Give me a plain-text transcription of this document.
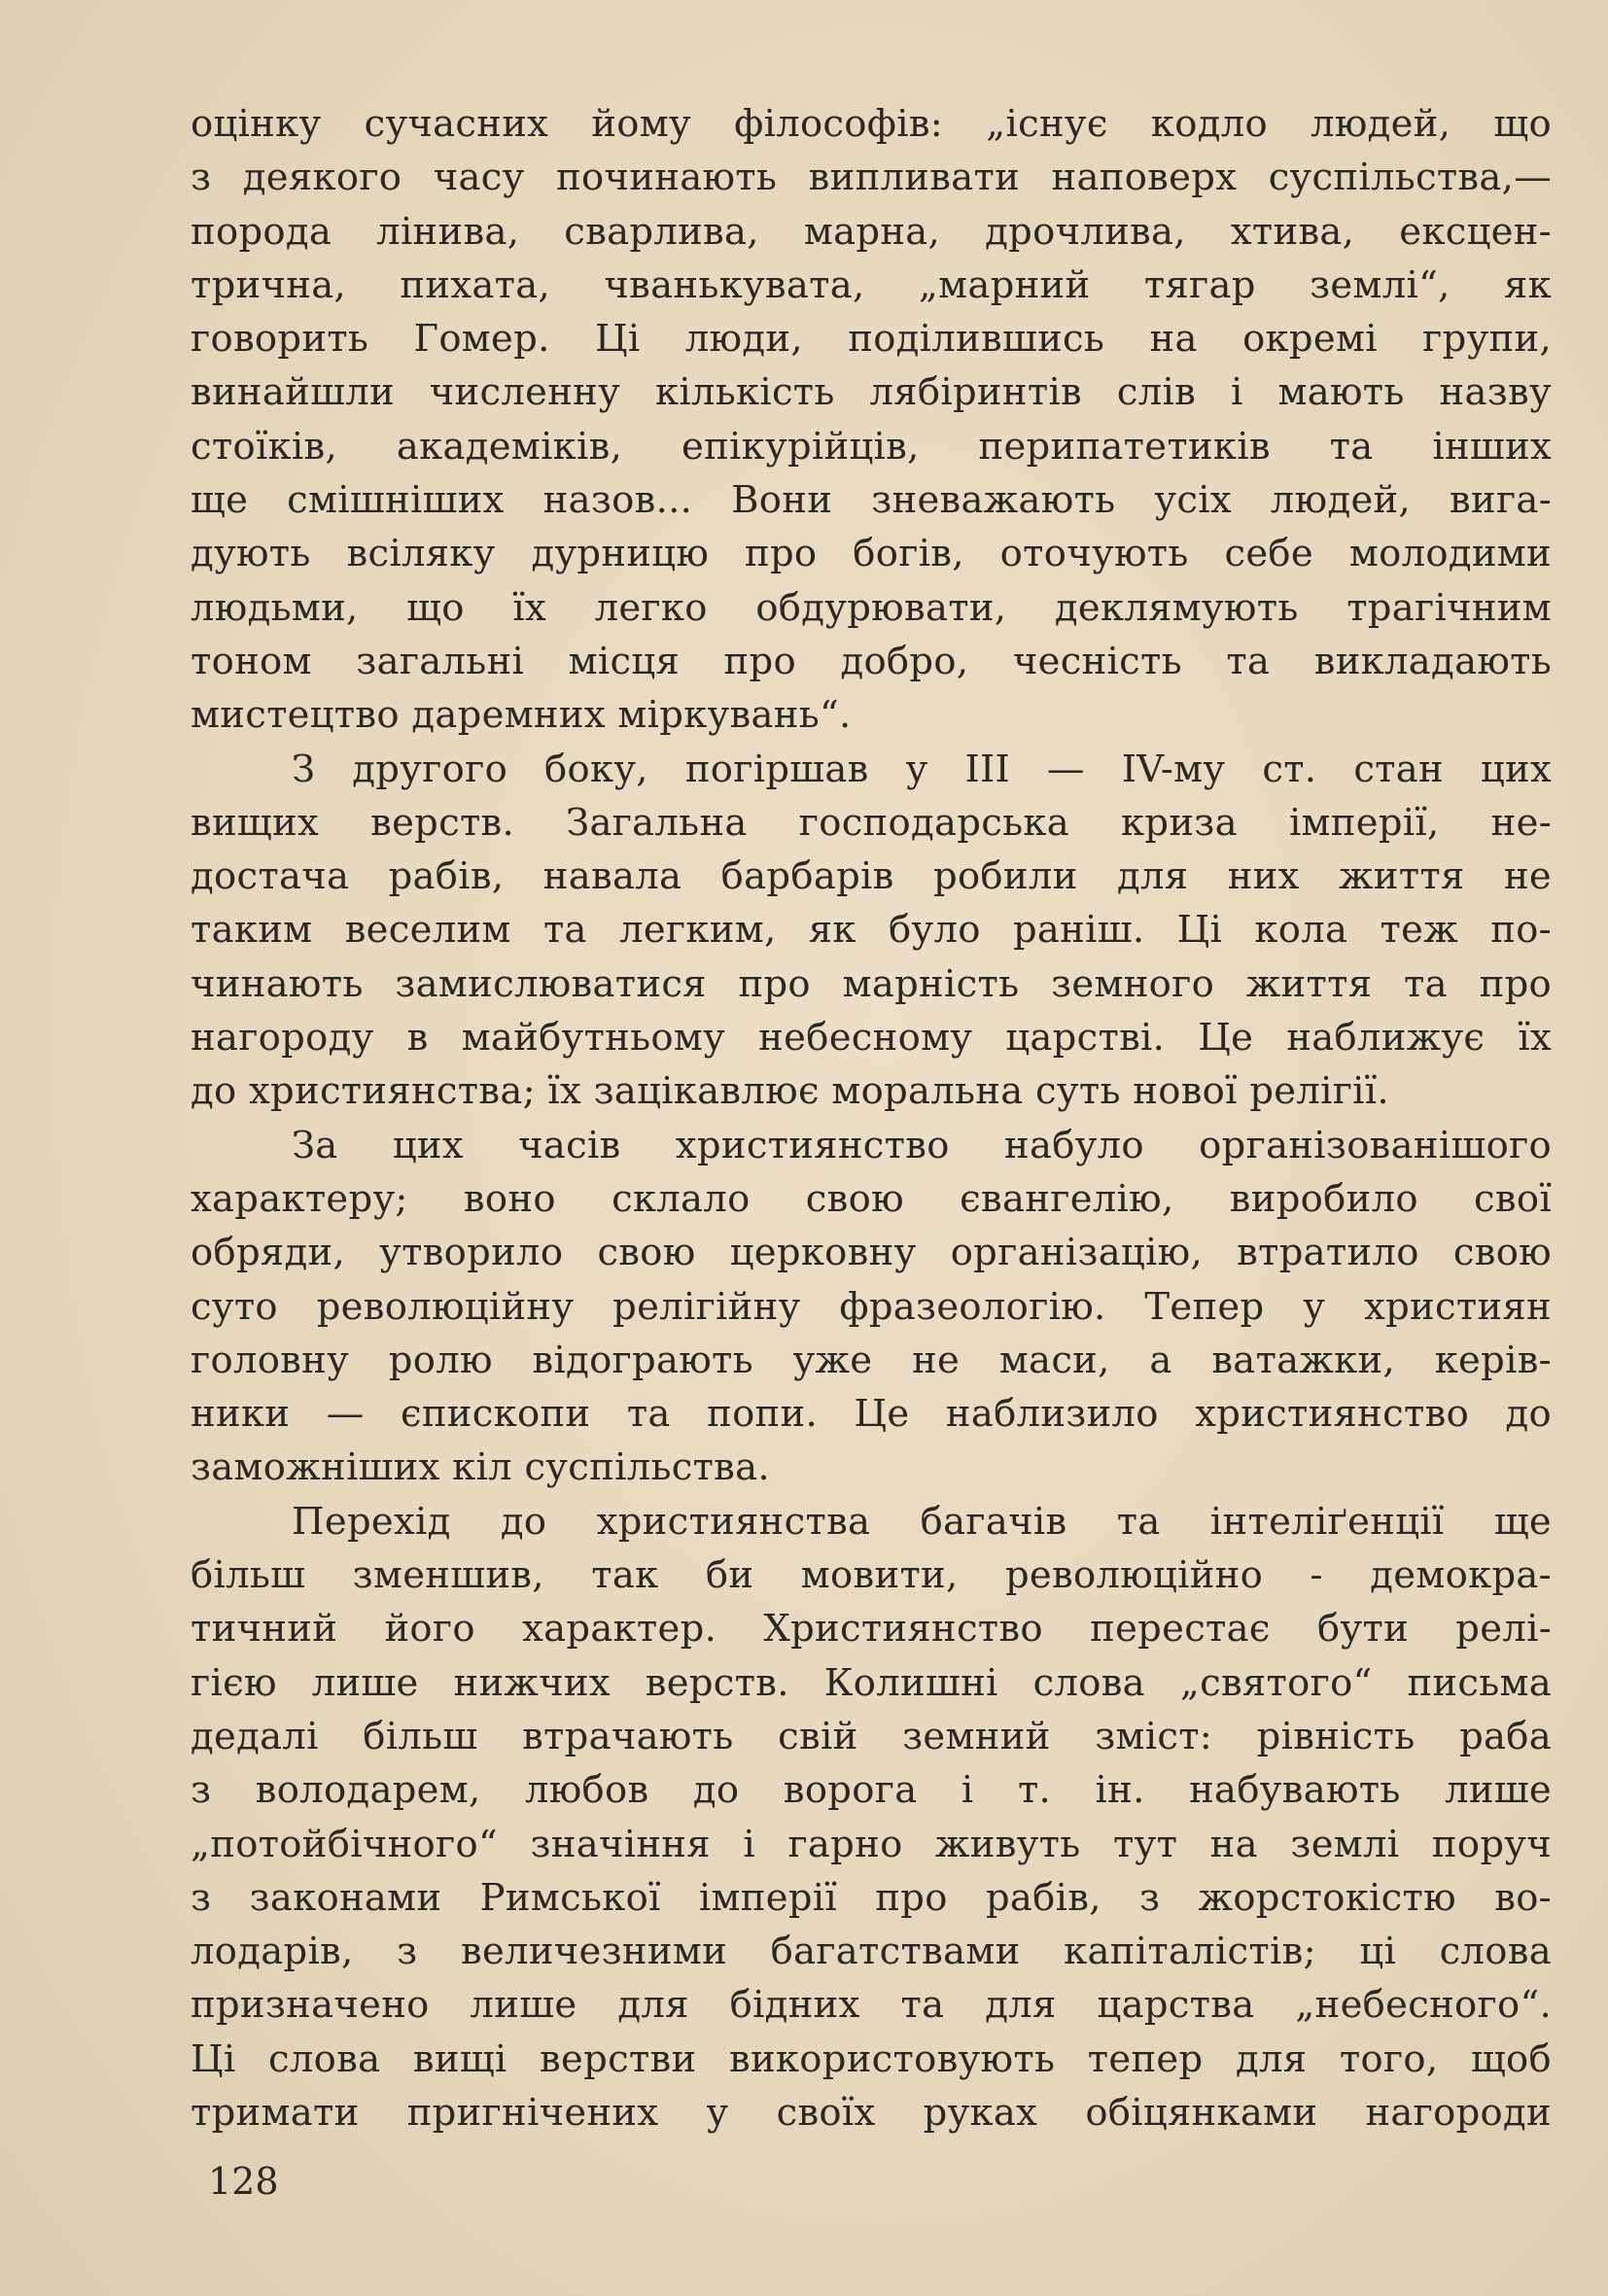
оцінку сучасних йому філософів: „існує кодло людей, що
з деякого часу починають випливати наповерх суспільства,—
порода лінива, сварлива, марна, дрочлива, хтива, ексцен-
трична, пихата, чванькувата, „марний тягар землі“, як
говорить Гомер. Ці люди, поділившись на окремі групи,
винайшли численну кількість лябіринтів слів і мають назву
стоїків, академіків, епікурійців, перипатетиків та інших
ще смішніших назов... Вони зневажають усіх людей, вига-
дують всіляку дурницю про богів, оточують себе молодими
людьми, що їх легко обдурювати, деклямують трагічним
тоном загальні місця про добро, чесність та викладають
мистецтво даремних міркувань“.
З другого боку, погіршав у III — IV-му ст. стан цих
вищих верств. Загальна господарська криза імперії, не-
достача рабів, навала барбарів робили для них життя не
таким веселим та легким, як було раніш. Ці кола теж по-
чинають замислюватися про марність земного життя та про
нагороду в майбутньому небесному царстві. Це наближує їх
до християнства; їх зацікавлює моральна суть нової релігії.
За цих часів християнство набуло організованішого
характеру; воно склало свою євангелію, виробило свої
обряди, утворило свою церковну організацію, втратило свою
суто революційну релігійну фразеологію. Тепер у християн
головну ролю відограють уже не маси, а ватажки, керів-
ники — єпископи та попи. Це наблизило християнство до
заможніших кіл суспільства.
Перехід до християнства багачів та інтеліґенції ще
більш зменшив, так би мовити, революційно - демокра-
тичний його характер. Християнство перестає бути релі-
гією лише нижчих верств. Колишні слова „святого“ письма
дедалі більш втрачають свій земний зміст: рівність раба
з володарем, любов до ворога і т. ін. набувають лише
„потойбічного“ значіння і гарно живуть тут на землі поруч
з законами Римської імперії про рабів, з жорстокістю во-
лодарів, з величезними багатствами капіталістів; ці слова
призначено лише для бідних та для царства „небесного“.
Ці слова вищі верстви використовують тепер для того, щоб
тримати пригнічених у своїх руках обіцянками нагороди
128
